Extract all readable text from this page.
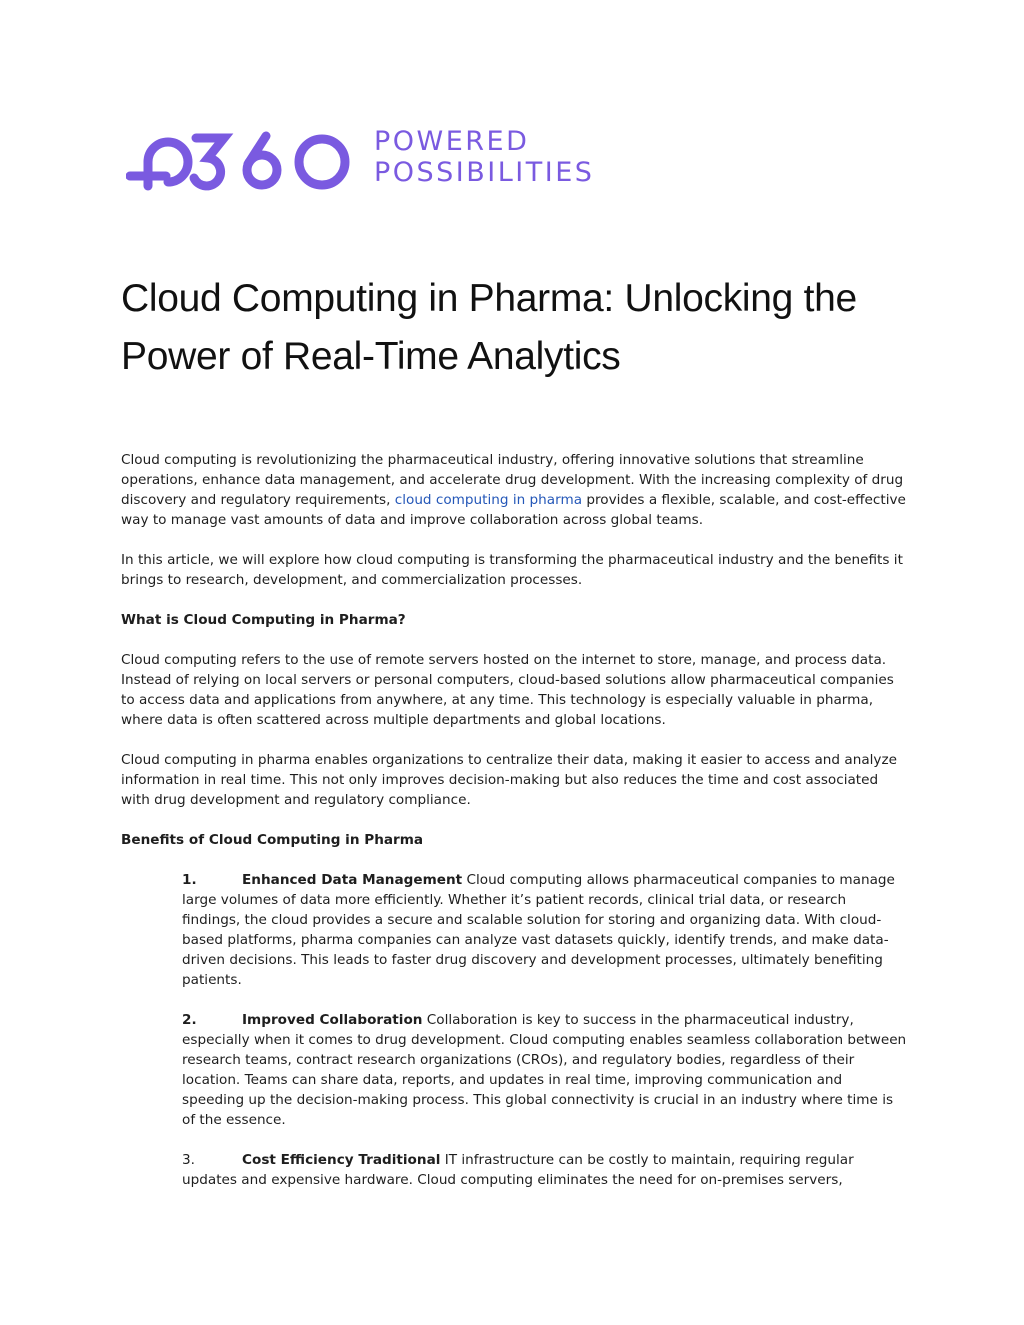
POWERED
POSSIBILITIES
Cloud Computing in Pharma: Unlocking the Power of Real-Time Analytics

Cloud computing is revolutionizing the pharmaceutical industry, offering innovative solutions that streamline operations, enhance data management, and accelerate drug development. With the increasing complexity of drug discovery and regulatory requirements, cloud computing in pharma provides a flexible, scalable, and cost-effective way to manage vast amounts of data and improve collaboration across global teams.

In this article, we will explore how cloud computing is transforming the pharmaceutical industry and the benefits it brings to research, development, and commercialization processes.

What is Cloud Computing in Pharma?

Cloud computing refers to the use of remote servers hosted on the internet to store, manage, and process data. Instead of relying on local servers or personal computers, cloud-based solutions allow pharmaceutical companies to access data and applications from anywhere, at any time. This technology is especially valuable in pharma, where data is often scattered across multiple departments and global locations.

Cloud computing in pharma enables organizations to centralize their data, making it easier to access and analyze information in real time. This not only improves decision-making but also reduces the time and cost associated with drug development and regulatory compliance.

Benefits of Cloud Computing in Pharma
1.	Enhanced Data Management Cloud computing allows pharmaceutical companies to manage large volumes of data more efficiently. Whether it’s patient records, clinical trial data, or research findings, the cloud provides a secure and scalable solution for storing and organizing data. With cloud-based platforms, pharma companies can analyze vast datasets quickly, identify trends, and make data-driven decisions. This leads to faster drug discovery and development processes, ultimately benefiting patients.
2.	Improved Collaboration Collaboration is key to success in the pharmaceutical industry, especially when it comes to drug development. Cloud computing enables seamless collaboration between research teams, contract research organizations (CROs), and regulatory bodies, regardless of their location. Teams can share data, reports, and updates in real time, improving communication and speeding up the decision-making process. This global connectivity is crucial in an industry where time is of the essence.
3.	Cost Efficiency Traditional IT infrastructure can be costly to maintain, requiring regular updates and expensive hardware. Cloud computing eliminates the need for on-premises servers,
